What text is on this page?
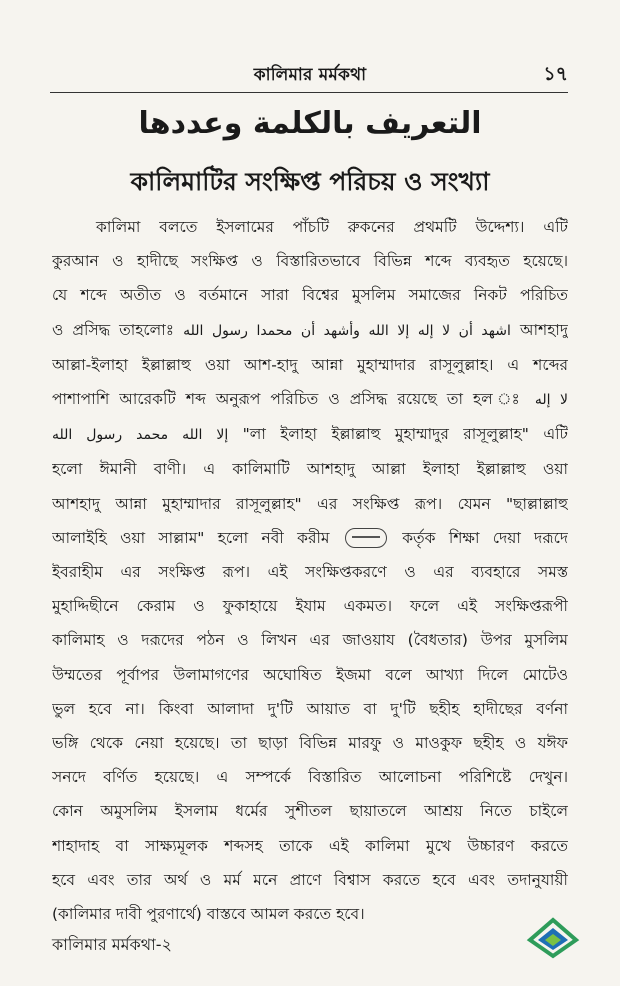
কালিমার মর্মকথা	১৭
التعريف بالكلمة وعددها
কালিমাটির সংক্ষিপ্ত পরিচয় ও সংখ্যা
কালিমা বলতে ইসলামের পাঁচটি রুকনের প্রথমটি উদ্দেশ্য। এটি
কুরআন ও হাদীছে সংক্ষিপ্ত ও বিস্তারিতভাবে বিভিন্ন শব্দে ব্যবহৃত হয়েছে।
যে শব্দে অতীত ও বর্তমানে সারা বিশ্বের মুসলিম সমাজের নিকট পরিচিত
ও প্রসিদ্ধ তাহলোঃ اشهد أن لا إله إلا الله وأشهد أن محمدا رسول الله আশহাদু
আল্লা-ইলাহা ইল্লাল্লাহু ওয়া আশ-হাদু আন্না মুহাম্মাদার রাসূলুল্লাহ। এ শব্দের
পাশাপাশি আরেকটি শব্দ অনুরূপ পরিচিত ও প্রসিদ্ধ রয়েছে তা হল ঃ لا إله
إلا الله محمد رسول الله "লা ইলাহা ইল্লাল্লাহু মুহাম্মাদুর রাসূলুল্লাহ" এটি
হলো ঈমানী বাণী। এ কালিমাটি আশহাদু আল্লা ইলাহা ইল্লাল্লাহু ওয়া
আশহাদু আন্না মুহাম্মাদার রাসূলুল্লাহ" এর সংক্ষিপ্ত রূপ। যেমন "ছাল্লাল্লাহু
আলাইহি ওয়া সাল্লাম" হলো নবী করীম	কর্তৃক শিক্ষা দেয়া দরূদে
ইবরাহীম এর সংক্ষিপ্ত রূপ। এই সংক্ষিপ্তকরণে ও এর ব্যবহারে সমস্ত
মুহাদ্দিছীনে কেরাম ও ফুকাহায়ে ইযাম একমত। ফলে এই সংক্ষিপ্তরূপী
কালিমাহ ও দরূদের পঠন ও লিখন এর জাওয়ায (বৈধতার) উপর মুসলিম
উম্মতের পূর্বাপর উলামাগণের অঘোষিত ইজমা বলে আখ্যা দিলে মোটেও
ভুল হবে না। কিংবা আলাদা দু'টি আয়াত বা দু'টি ছহীহ হাদীছের বর্ণনা
ভঙ্গি থেকে নেয়া হয়েছে। তা ছাড়া বিভিন্ন মারফু ও মাওকুফ ছহীহ ও যঈফ
সনদে বর্ণিত হয়েছে। এ সম্পর্কে বিস্তারিত আলোচনা পরিশিষ্টে দেখুন।
কোন অমুসলিম ইসলাম ধর্মের সুশীতল ছায়াতলে আশ্রয় নিতে চাইলে
শাহাদাহ বা সাক্ষ্যমূলক শব্দসহ তাকে এই কালিমা মুখে উচ্চারণ করতে
হবে এবং তার অর্থ ও মর্ম মনে প্রাণে বিশ্বাস করতে হবে এবং তদানুযায়ী
(কালিমার দাবী পুরণার্থে) বাস্তবে আমল করতে হবে।
কালিমার মর্মকথা-২
